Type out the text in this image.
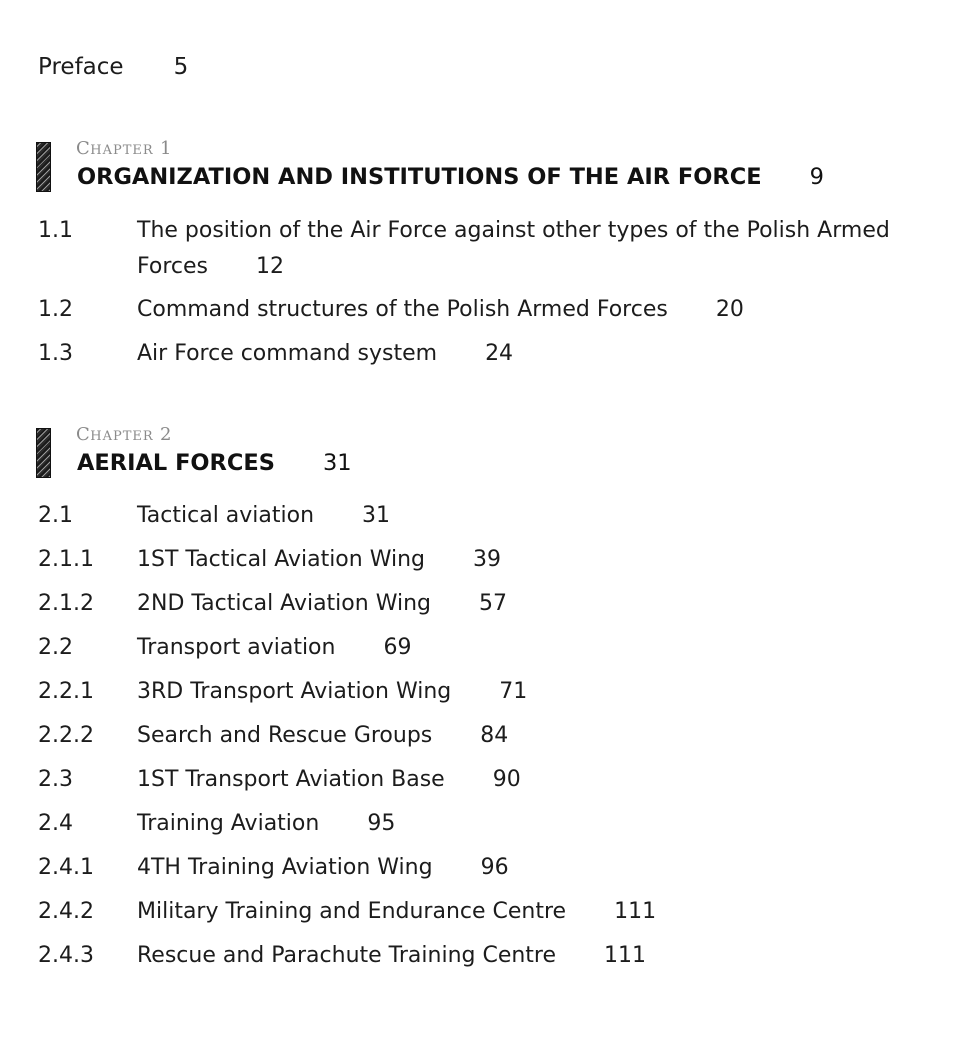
Preface 5
CHAPTER 1
ORGANIZATION AND INSTITUTIONS OF THE AIR FORCE 9
1.1	The position of the Air Force against other types of the Polish Armed Forces 12
1.2	Command structures of the Polish Armed Forces 20
1.3	Air Force command system 24
CHAPTER 2
AERIAL FORCES 31
2.1	Tactical aviation 31
2.1.1 1ST Tactical Aviation Wing 39
2.1.2 2ND Tactical Aviation Wing 57
2.2	Transport aviation 69
2.2.1 3RD Transport Aviation Wing 71
2.2.2 Search and Rescue Groups 84
2.3	1ST Transport Aviation Base 90
2.4	Training Aviation 95
2.4.1 4TH Training Aviation Wing 96
2.4.2 Military Training and Endurance Centre 111
2.4.3 Rescue and Parachute Training Centre 111
